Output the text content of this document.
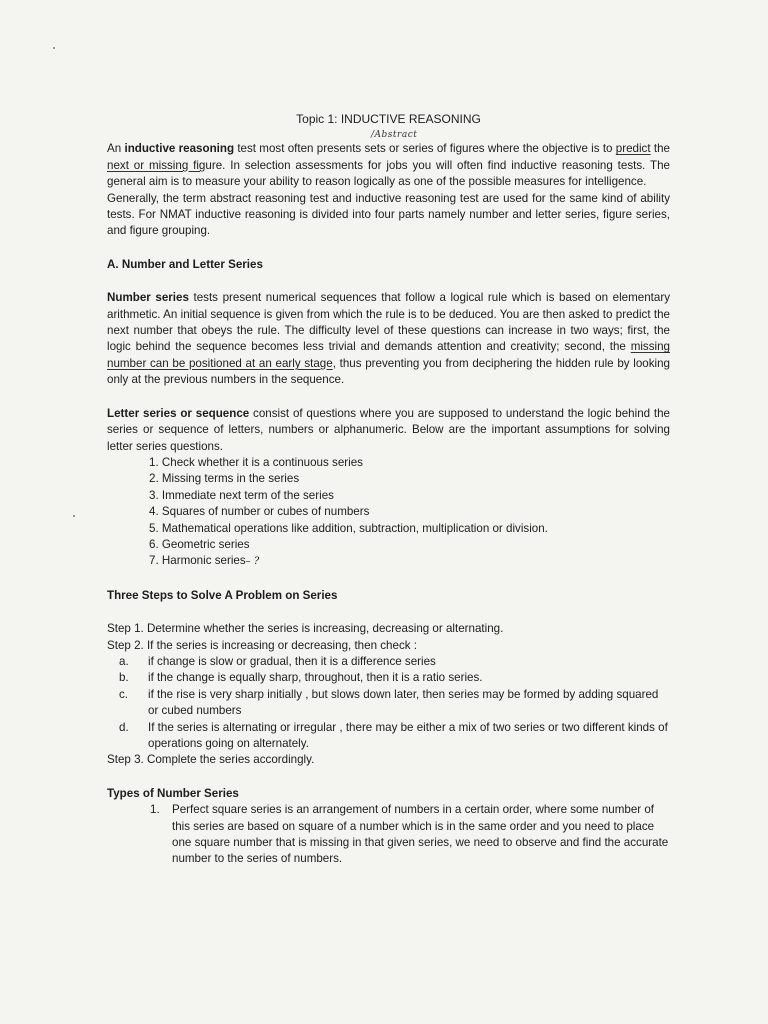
Topic 1: INDUCTIVE REASONING

/Abstract

An inductive reasoning test most often presents sets or series of figures where the objective is to predict the next or missing figure. In selection assessments for jobs you will often find inductive reasoning tests. The general aim is to measure your ability to reason logically as one of the possible measures for intelligence.

Generally, the term abstract reasoning test and inductive reasoning test are used for the same kind of ability tests. For NMAT inductive reasoning is divided into four parts namely number and letter series, figure series, and figure grouping.

A. Number and Letter Series

Number series tests present numerical sequences that follow a logical rule which is based on elementary arithmetic. An initial sequence is given from which the rule is to be deduced. You are then asked to predict the next number that obeys the rule. The difficulty level of these questions can increase in two ways; first, the logic behind the sequence becomes less trivial and demands attention and creativity; second, the missing number can be positioned at an early stage, thus preventing you from deciphering the hidden rule by looking only at the previous numbers in the sequence.

Letter series or sequence consist of questions where you are supposed to understand the logic behind the series or sequence of letters, numbers or alphanumeric. Below are the important assumptions for solving letter series questions.

1. Check whether it is a continuous series
2. Missing terms in the series
3. Immediate next term of the series
4. Squares of number or cubes of numbers
5. Mathematical operations like addition, subtraction, multiplication or division.
6. Geometric series
7. Harmonic series– ?

Three Steps to Solve A Problem on Series

Step 1. Determine whether the series is increasing, decreasing or alternating.

Step 2. If the series is increasing or decreasing, then check :

a. if change is slow or gradual, then it is a difference series
b. if the change is equally sharp, throughout, then it is a ratio series.
c. if the rise is very sharp initially , but slows down later, then series may be formed by adding squared or cubed numbers
d. If the series is alternating or irregular , there may be either a mix of two series or two different kinds of operations going on alternately.

Step 3. Complete the series accordingly.

Types of Number Series

1. Perfect square series is an arrangement of numbers in a certain order, where some number of this series are based on square of a number which is in the same order and you need to place one square number that is missing in that given series, we need to observe and find the accurate number to the series of numbers.
